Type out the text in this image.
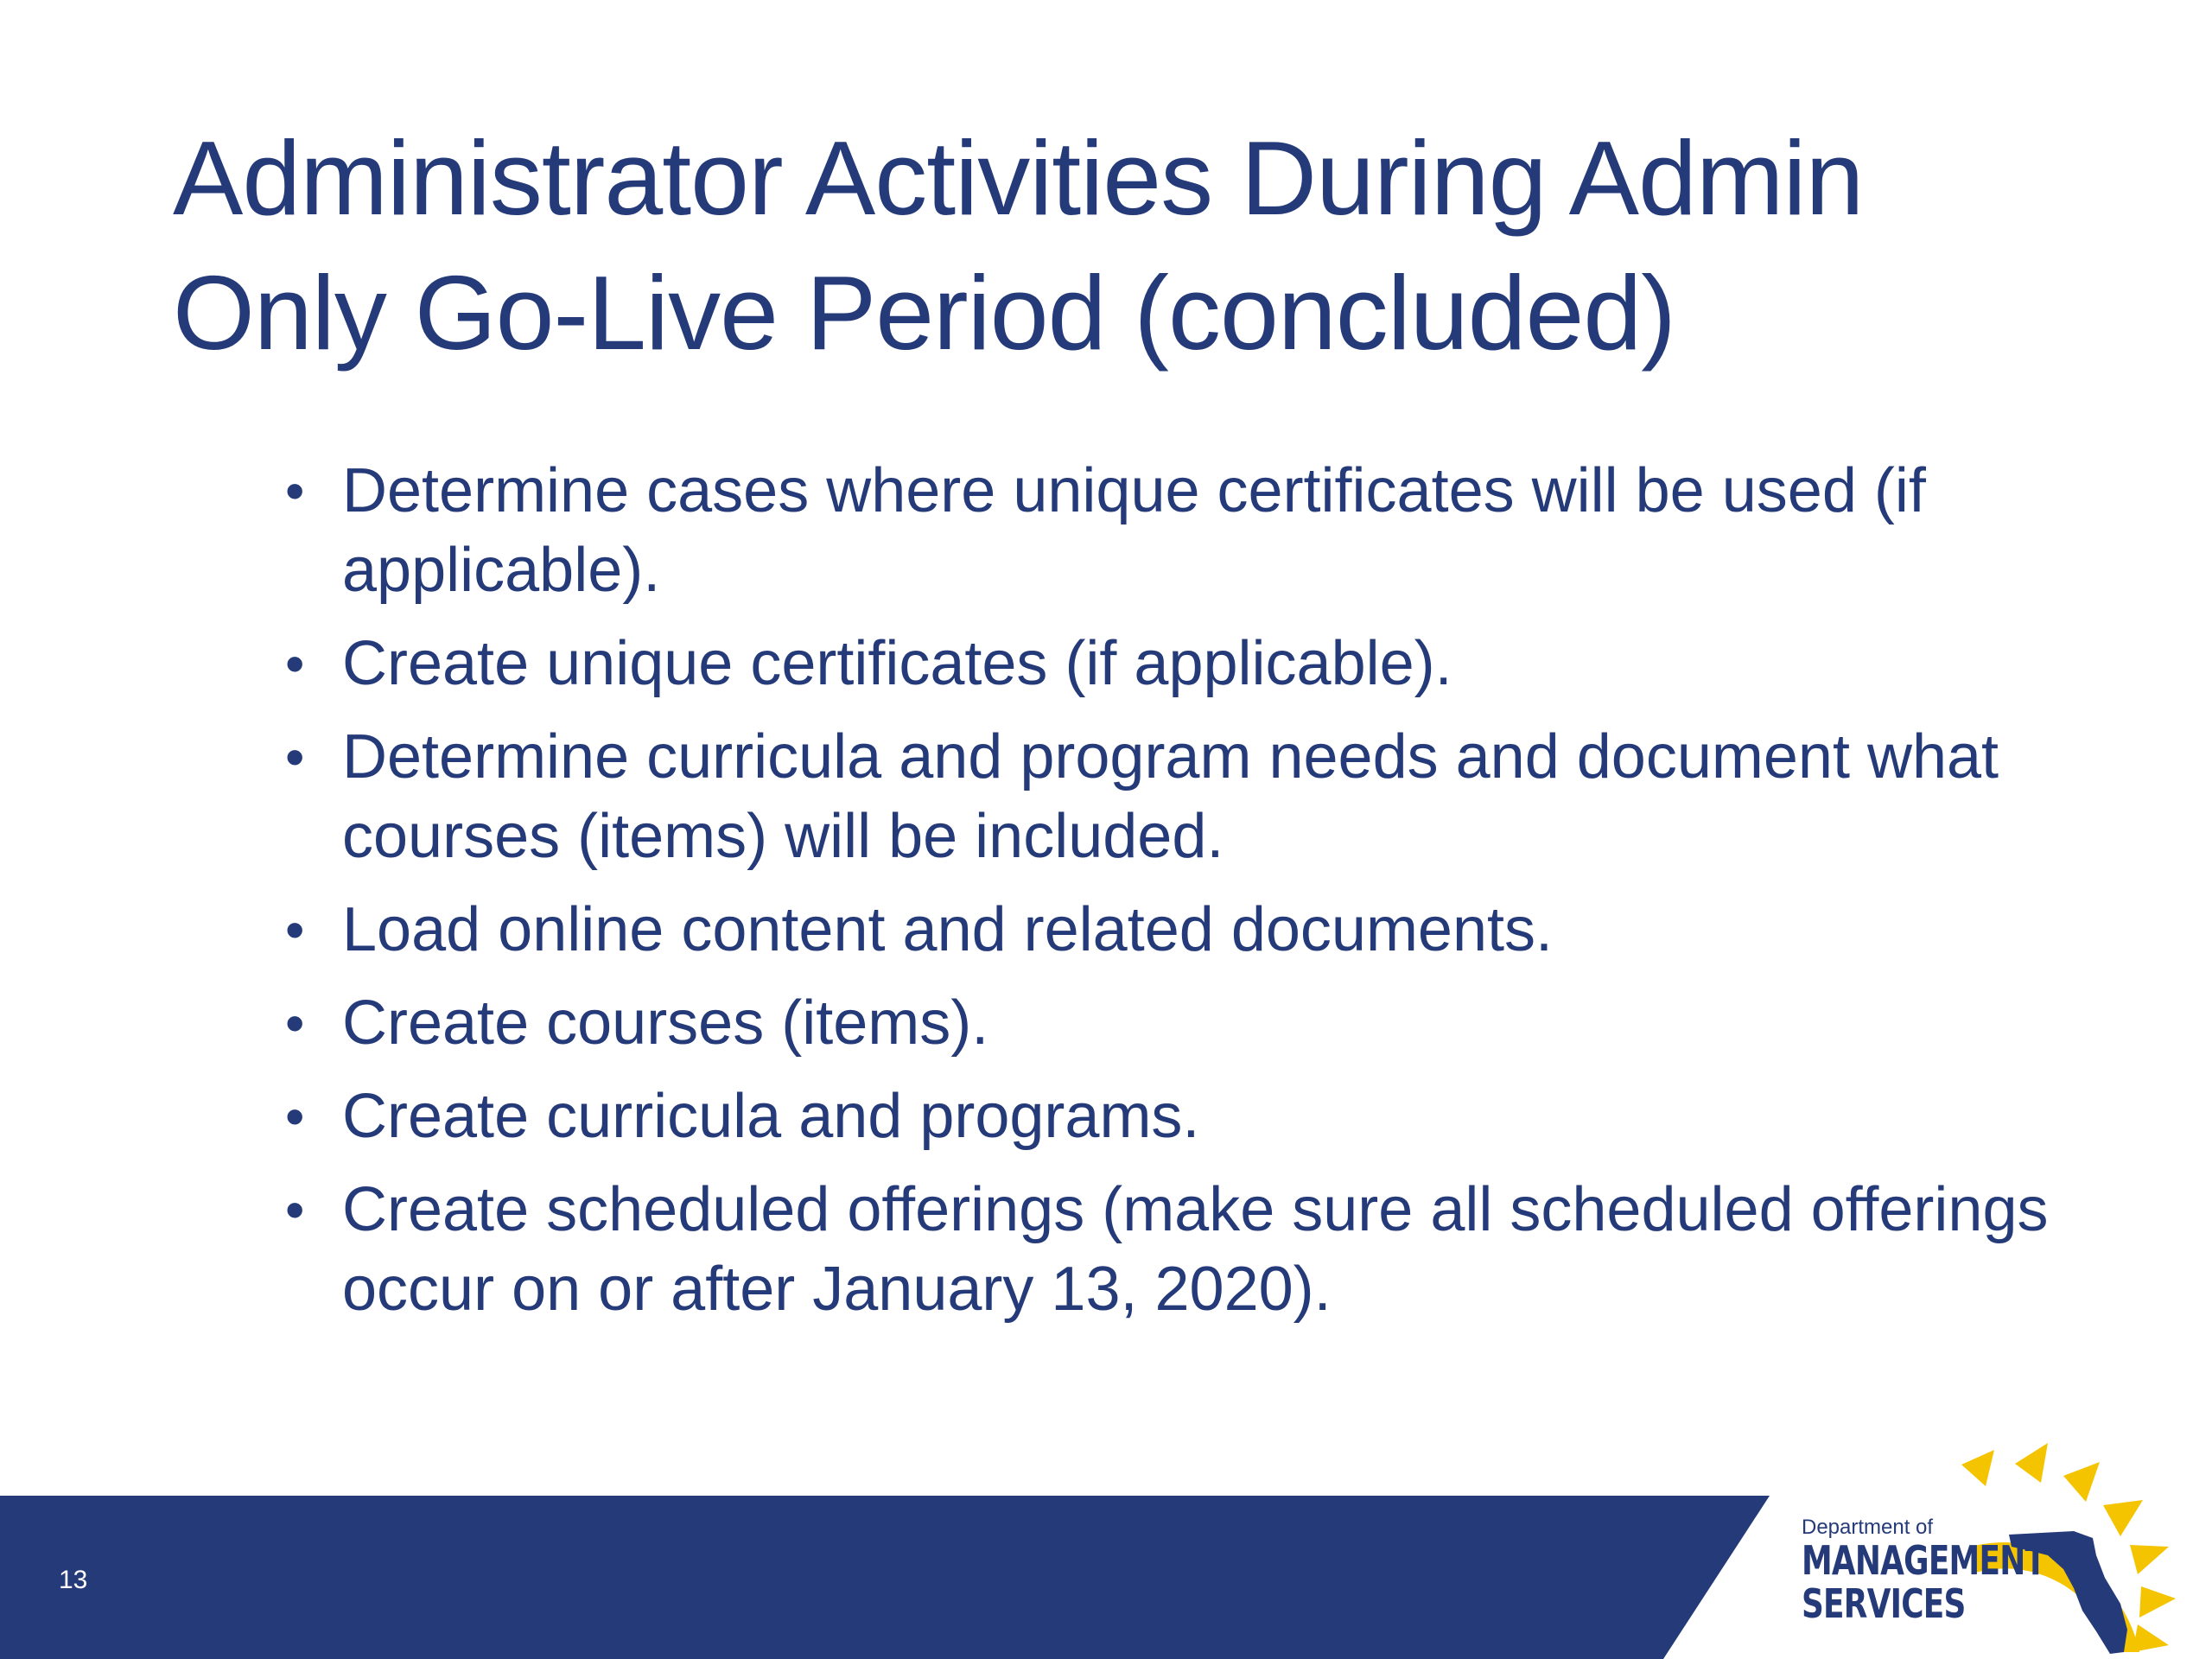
Administrator Activities During Admin
Only Go-Live Period (concluded)
• Determine cases where unique certificates will be used (if applicable).
• Create unique certificates (if applicable).
• Determine curricula and program needs and document what courses (items) will be included.
• Load online content and related documents.
• Create courses (items).
• Create curricula and programs.
• Create scheduled offerings (make sure all scheduled offerings occur on or after January 13, 2020).
13
Department of
MANAGEMENT
SERVICES
